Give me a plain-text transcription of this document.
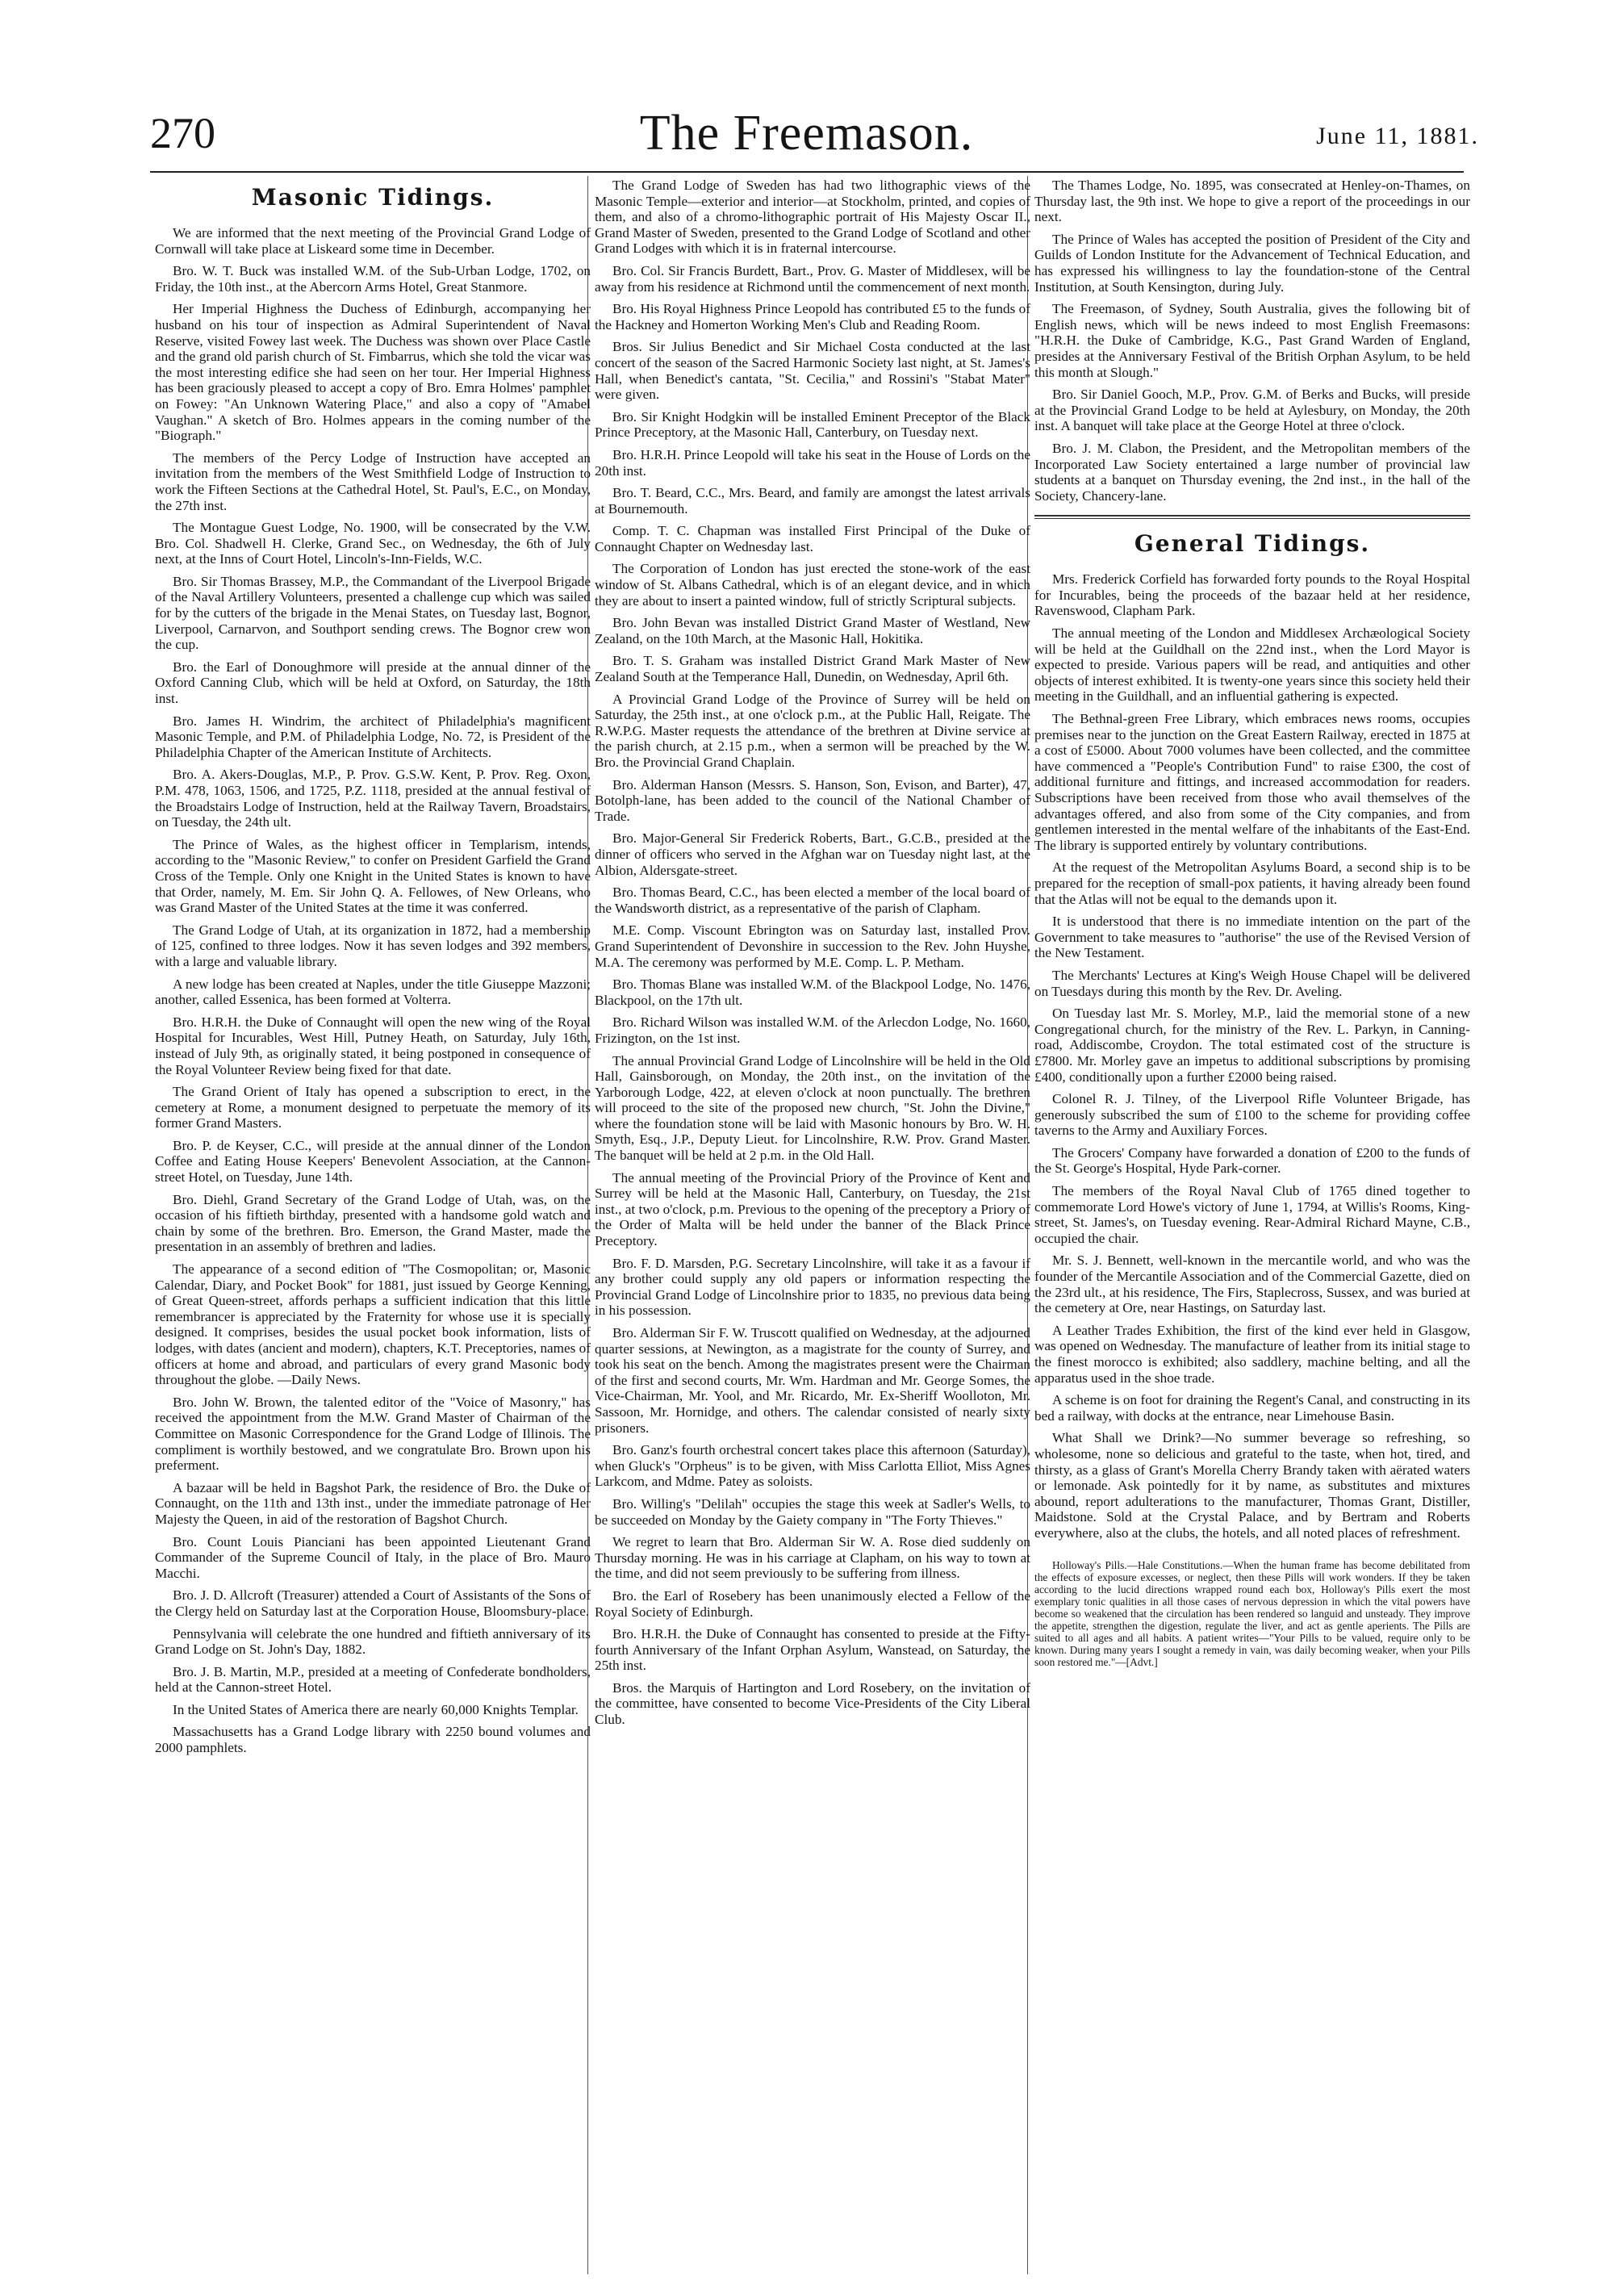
270	The Freemason.	June 11, 1881.
Masonic Tidings.

We are informed that the next meeting of the Provincial Grand Lodge of Cornwall will take place at Liskeard some time in December.

Bro. W. T. Buck was installed W.M. of the Sub-Urban Lodge, 1702, on Friday, the 10th inst., at the Abercorn Arms Hotel, Great Stanmore.

Her Imperial Highness the Duchess of Edinburgh, accompanying her husband on his tour of inspection as Admiral Superintendent of Naval Reserve, visited Fowey last week. The Duchess was shown over Place Castle and the grand old parish church of St. Fimbarrus, which she told the vicar was the most interesting edifice she had seen on her tour. Her Imperial Highness has been graciously pleased to accept a copy of Bro. Emra Holmes' pamphlet on Fowey: "An Unknown Watering Place," and also a copy of "Amabel Vaughan." A sketch of Bro. Holmes appears in the coming number of the "Biograph."

The members of the Percy Lodge of Instruction have accepted an invitation from the members of the West Smithfield Lodge of Instruction to work the Fifteen Sections at the Cathedral Hotel, St. Paul's, E.C., on Monday, the 27th inst.

The Montague Guest Lodge, No. 1900, will be consecrated by the V.W. Bro. Col. Shadwell H. Clerke, Grand Sec., on Wednesday, the 6th of July next, at the Inns of Court Hotel, Lincoln's-Inn-Fields, W.C.

Bro. Sir Thomas Brassey, M.P., the Commandant of the Liverpool Brigade of the Naval Artillery Volunteers, presented a challenge cup which was sailed for by the cutters of the brigade in the Menai States, on Tuesday last, Bognor, Liverpool, Carnarvon, and Southport sending crews. The Bognor crew won the cup.

Bro. the Earl of Donoughmore will preside at the annual dinner of the Oxford Canning Club, which will be held at Oxford, on Saturday, the 18th inst.

Bro. James H. Windrim, the architect of Philadelphia's magnificent Masonic Temple, and P.M. of Philadelphia Lodge, No. 72, is President of the Philadelphia Chapter of the American Institute of Architects.

Bro. A. Akers-Douglas, M.P., P. Prov. G.S.W. Kent, P. Prov. Reg. Oxon, P.M. 478, 1063, 1506, and 1725, P.Z. 1118, presided at the annual festival of the Broadstairs Lodge of Instruction, held at the Railway Tavern, Broadstairs, on Tuesday, the 24th ult.

The Prince of Wales, as the highest officer in Templarism, intends, according to the "Masonic Review," to confer on President Garfield the Grand Cross of the Temple. Only one Knight in the United States is known to have that Order, namely, M. Em. Sir John Q. A. Fellowes, of New Orleans, who was Grand Master of the United States at the time it was conferred.

The Grand Lodge of Utah, at its organization in 1872, had a membership of 125, confined to three lodges. Now it has seven lodges and 392 members, with a large and valuable library.

A new lodge has been created at Naples, under the title Giuseppe Mazzoni; another, called Essenica, has been formed at Volterra.

Bro. H.R.H. the Duke of Connaught will open the new wing of the Royal Hospital for Incurables, West Hill, Putney Heath, on Saturday, July 16th, instead of July 9th, as originally stated, it being postponed in consequence of the Royal Volunteer Review being fixed for that date.

The Grand Orient of Italy has opened a subscription to erect, in the cemetery at Rome, a monument designed to perpetuate the memory of its former Grand Masters.

Bro. P. de Keyser, C.C., will preside at the annual dinner of the London Coffee and Eating House Keepers' Benevolent Association, at the Cannon-street Hotel, on Tuesday, June 14th.

Bro. Diehl, Grand Secretary of the Grand Lodge of Utah, was, on the occasion of his fiftieth birthday, presented with a handsome gold watch and chain by some of the brethren. Bro. Emerson, the Grand Master, made the presentation in an assembly of brethren and ladies.

The appearance of a second edition of "The Cosmopolitan; or, Masonic Calendar, Diary, and Pocket Book" for 1881, just issued by George Kenning, of Great Queen-street, affords perhaps a sufficient indication that this little remembrancer is appreciated by the Fraternity for whose use it is specially designed. It comprises, besides the usual pocket book information, lists of lodges, with dates (ancient and modern), chapters, K.T. Preceptories, names of officers at home and abroad, and particulars of every grand Masonic body throughout the globe. —Daily News.

Bro. John W. Brown, the talented editor of the "Voice of Masonry," has received the appointment from the M.W. Grand Master of Chairman of the Committee on Masonic Correspondence for the Grand Lodge of Illinois. The compliment is worthily bestowed, and we congratulate Bro. Brown upon his preferment.

A bazaar will be held in Bagshot Park, the residence of Bro. the Duke of Connaught, on the 11th and 13th inst., under the immediate patronage of Her Majesty the Queen, in aid of the restoration of Bagshot Church.

Bro. Count Louis Pianciani has been appointed Lieutenant Grand Commander of the Supreme Council of Italy, in the place of Bro. Mauro Macchi.

Bro. J. D. Allcroft (Treasurer) attended a Court of Assistants of the Sons of the Clergy held on Saturday last at the Corporation House, Bloomsbury-place.

Pennsylvania will celebrate the one hundred and fiftieth anniversary of its Grand Lodge on St. John's Day, 1882.

Bro. J. B. Martin, M.P., presided at a meeting of Confederate bondholders, held at the Cannon-street Hotel.

In the United States of America there are nearly 60,000 Knights Templar.

Massachusetts has a Grand Lodge library with 2250 bound volumes and 2000 pamphlets.

The Grand Lodge of Sweden has had two lithographic views of the Masonic Temple—exterior and interior—at Stockholm, printed, and copies of them, and also of a chromo-lithographic portrait of His Majesty Oscar II., Grand Master of Sweden, presented to the Grand Lodge of Scotland and other Grand Lodges with which it is in fraternal intercourse.

Bro. Col. Sir Francis Burdett, Bart., Prov. G. Master of Middlesex, will be away from his residence at Richmond until the commencement of next month.

Bro. His Royal Highness Prince Leopold has contributed £5 to the funds of the Hackney and Homerton Working Men's Club and Reading Room.

Bros. Sir Julius Benedict and Sir Michael Costa conducted at the last concert of the season of the Sacred Harmonic Society last night, at St. James's Hall, when Benedict's cantata, "St. Cecilia," and Rossini's "Stabat Mater" were given.

Bro. Sir Knight Hodgkin will be installed Eminent Preceptor of the Black Prince Preceptory, at the Masonic Hall, Canterbury, on Tuesday next.

Bro. H.R.H. Prince Leopold will take his seat in the House of Lords on the 20th inst.

Bro. T. Beard, C.C., Mrs. Beard, and family are amongst the latest arrivals at Bournemouth.

Comp. T. C. Chapman was installed First Principal of the Duke of Connaught Chapter on Wednesday last.

The Corporation of London has just erected the stone-work of the east window of St. Albans Cathedral, which is of an elegant device, and in which they are about to insert a painted window, full of strictly Scriptural subjects.

Bro. John Bevan was installed District Grand Master of Westland, New Zealand, on the 10th March, at the Masonic Hall, Hokitika.

Bro. T. S. Graham was installed District Grand Mark Master of New Zealand South at the Temperance Hall, Dunedin, on Wednesday, April 6th.

A Provincial Grand Lodge of the Province of Surrey will be held on Saturday, the 25th inst., at one o'clock p.m., at the Public Hall, Reigate. The R.W.P.G. Master requests the attendance of the brethren at Divine service at the parish church, at 2.15 p.m., when a sermon will be preached by the W. Bro. the Provincial Grand Chaplain.

Bro. Alderman Hanson (Messrs. S. Hanson, Son, Evison, and Barter), 47, Botolph-lane, has been added to the council of the National Chamber of Trade.

Bro. Major-General Sir Frederick Roberts, Bart., G.C.B., presided at the dinner of officers who served in the Afghan war on Tuesday night last, at the Albion, Aldersgate-street.

Bro. Thomas Beard, C.C., has been elected a member of the local board of the Wandsworth district, as a representative of the parish of Clapham.

M.E. Comp. Viscount Ebrington was on Saturday last, installed Prov. Grand Superintendent of Devonshire in succession to the Rev. John Huyshe, M.A. The ceremony was performed by M.E. Comp. L. P. Metham.

Bro. Thomas Blane was installed W.M. of the Blackpool Lodge, No. 1476, Blackpool, on the 17th ult.

Bro. Richard Wilson was installed W.M. of the Arlecdon Lodge, No. 1660, Frizington, on the 1st inst.

The annual Provincial Grand Lodge of Lincolnshire will be held in the Old Hall, Gainsborough, on Monday, the 20th inst., on the invitation of the Yarborough Lodge, 422, at eleven o'clock at noon punctually. The brethren will proceed to the site of the proposed new church, "St. John the Divine," where the foundation stone will be laid with Masonic honours by Bro. W. H. Smyth, Esq., J.P., Deputy Lieut. for Lincolnshire, R.W. Prov. Grand Master. The banquet will be held at 2 p.m. in the Old Hall.

The annual meeting of the Provincial Priory of the Province of Kent and Surrey will be held at the Masonic Hall, Canterbury, on Tuesday, the 21st inst., at two o'clock, p.m. Previous to the opening of the preceptory a Priory of the Order of Malta will be held under the banner of the Black Prince Preceptory.

Bro. F. D. Marsden, P.G. Secretary Lincolnshire, will take it as a favour if any brother could supply any old papers or information respecting the Provincial Grand Lodge of Lincolnshire prior to 1835, no previous data being in his possession.

Bro. Alderman Sir F. W. Truscott qualified on Wednesday, at the adjourned quarter sessions, at Newington, as a magistrate for the county of Surrey, and took his seat on the bench. Among the magistrates present were the Chairman of the first and second courts, Mr. Wm. Hardman and Mr. George Somes, the Vice-Chairman, Mr. Yool, and Mr. Ricardo, Mr. Ex-Sheriff Woolloton, Mr. Sassoon, Mr. Hornidge, and others. The calendar consisted of nearly sixty prisoners.

Bro. Ganz's fourth orchestral concert takes place this afternoon (Saturday), when Gluck's "Orpheus" is to be given, with Miss Carlotta Elliot, Miss Agnes Larkcom, and Mdme. Patey as soloists.

Bro. Willing's "Delilah" occupies the stage this week at Sadler's Wells, to be succeeded on Monday by the Gaiety company in "The Forty Thieves."

We regret to learn that Bro. Alderman Sir W. A. Rose died suddenly on Thursday morning. He was in his carriage at Clapham, on his way to town at the time, and did not seem previously to be suffering from illness.

Bro. the Earl of Rosebery has been unanimously elected a Fellow of the Royal Society of Edinburgh.

Bro. H.R.H. the Duke of Connaught has consented to preside at the Fifty-fourth Anniversary of the Infant Orphan Asylum, Wanstead, on Saturday, the 25th inst.

Bros. the Marquis of Hartington and Lord Rosebery, on the invitation of the committee, have consented to become Vice-Presidents of the City Liberal Club.

The Thames Lodge, No. 1895, was consecrated at Henley-on-Thames, on Thursday last, the 9th inst. We hope to give a report of the proceedings in our next.

The Prince of Wales has accepted the position of President of the City and Guilds of London Institute for the Advancement of Technical Education, and has expressed his willingness to lay the foundation-stone of the Central Institution, at South Kensington, during July.

The Freemason, of Sydney, South Australia, gives the following bit of English news, which will be news indeed to most English Freemasons: "H.R.H. the Duke of Cambridge, K.G., Past Grand Warden of England, presides at the Anniversary Festival of the British Orphan Asylum, to be held this month at Slough."

Bro. Sir Daniel Gooch, M.P., Prov. G.M. of Berks and Bucks, will preside at the Provincial Grand Lodge to be held at Aylesbury, on Monday, the 20th inst. A banquet will take place at the George Hotel at three o'clock.

Bro. J. M. Clabon, the President, and the Metropolitan members of the Incorporated Law Society entertained a large number of provincial law students at a banquet on Thursday evening, the 2nd inst., in the hall of the Society, Chancery-lane.

General Tidings.

Mrs. Frederick Corfield has forwarded forty pounds to the Royal Hospital for Incurables, being the proceeds of the bazaar held at her residence, Ravenswood, Clapham Park.

The annual meeting of the London and Middlesex Archæological Society will be held at the Guildhall on the 22nd inst., when the Lord Mayor is expected to preside. Various papers will be read, and antiquities and other objects of interest exhibited. It is twenty-one years since this society held their meeting in the Guildhall, and an influential gathering is expected.

The Bethnal-green Free Library, which embraces news rooms, occupies premises near to the junction on the Great Eastern Railway, erected in 1875 at a cost of £5000. About 7000 volumes have been collected, and the committee have commenced a "People's Contribution Fund" to raise £300, the cost of additional furniture and fittings, and increased accommodation for readers. Subscriptions have been received from those who avail themselves of the advantages offered, and also from some of the City companies, and from gentlemen interested in the mental welfare of the inhabitants of the East-End. The library is supported entirely by voluntary contributions.

At the request of the Metropolitan Asylums Board, a second ship is to be prepared for the reception of small-pox patients, it having already been found that the Atlas will not be equal to the demands upon it.

It is understood that there is no immediate intention on the part of the Government to take measures to "authorise" the use of the Revised Version of the New Testament.

The Merchants' Lectures at King's Weigh House Chapel will be delivered on Tuesdays during this month by the Rev. Dr. Aveling.

On Tuesday last Mr. S. Morley, M.P., laid the memorial stone of a new Congregational church, for the ministry of the Rev. L. Parkyn, in Canning-road, Addiscombe, Croydon. The total estimated cost of the structure is £7800. Mr. Morley gave an impetus to additional subscriptions by promising £400, conditionally upon a further £2000 being raised.

Colonel R. J. Tilney, of the Liverpool Rifle Volunteer Brigade, has generously subscribed the sum of £100 to the scheme for providing coffee taverns to the Army and Auxiliary Forces.

The Grocers' Company have forwarded a donation of £200 to the funds of the St. George's Hospital, Hyde Park-corner.

The members of the Royal Naval Club of 1765 dined together to commemorate Lord Howe's victory of June 1, 1794, at Willis's Rooms, King-street, St. James's, on Tuesday evening. Rear-Admiral Richard Mayne, C.B., occupied the chair.

Mr. S. J. Bennett, well-known in the mercantile world, and who was the founder of the Mercantile Association and of the Commercial Gazette, died on the 23rd ult., at his residence, The Firs, Staplecross, Sussex, and was buried at the cemetery at Ore, near Hastings, on Saturday last.

A Leather Trades Exhibition, the first of the kind ever held in Glasgow, was opened on Wednesday. The manufacture of leather from its initial stage to the finest morocco is exhibited; also saddlery, machine belting, and all the apparatus used in the shoe trade.

A scheme is on foot for draining the Regent's Canal, and constructing in its bed a railway, with docks at the entrance, near Limehouse Basin.

What Shall we Drink?—No summer beverage so refreshing, so wholesome, none so delicious and grateful to the taste, when hot, tired, and thirsty, as a glass of Grant's Morella Cherry Brandy taken with aërated waters or lemonade. Ask pointedly for it by name, as substitutes and mixtures abound, report adulterations to the manufacturer, Thomas Grant, Distiller, Maidstone. Sold at the Crystal Palace, and by Bertram and Roberts everywhere, also at the clubs, the hotels, and all noted places of refreshment.

Holloway's Pills.—Hale Constitutions.—When the human frame has become debilitated from the effects of exposure excesses, or neglect, then these Pills will work wonders. If they be taken according to the lucid directions wrapped round each box, Holloway's Pills exert the most exemplary tonic qualities in all those cases of nervous depression in which the vital powers have become so weakened that the circulation has been rendered so languid and unsteady. They improve the appetite, strengthen the digestion, regulate the liver, and act as gentle aperients. The Pills are suited to all ages and all habits. A patient writes—"Your Pills to be valued, require only to be known. During many years I sought a remedy in vain, was daily becoming weaker, when your Pills soon restored me."—[Advt.]
